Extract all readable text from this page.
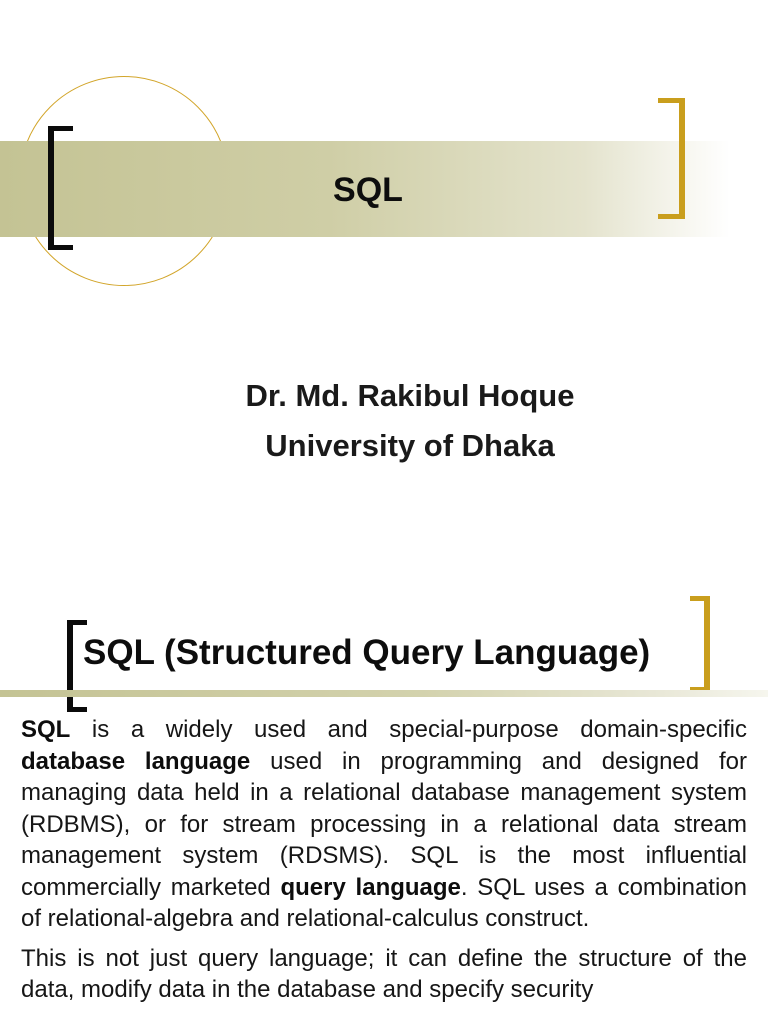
SQL
Dr. Md. Rakibul Hoque
University of Dhaka
SQL (Structured Query Language)

SQL is a widely used and special-purpose domain-specific database language used in programming and designed for managing data held in a relational database management system (RDBMS), or for stream processing in a relational data stream management system (RDSMS). SQL is the most influential commercially marketed query language. SQL uses a combination of relational-algebra and relational-calculus construct.

This is not just query language; it can define the structure of the data, modify data in the database and specify security
